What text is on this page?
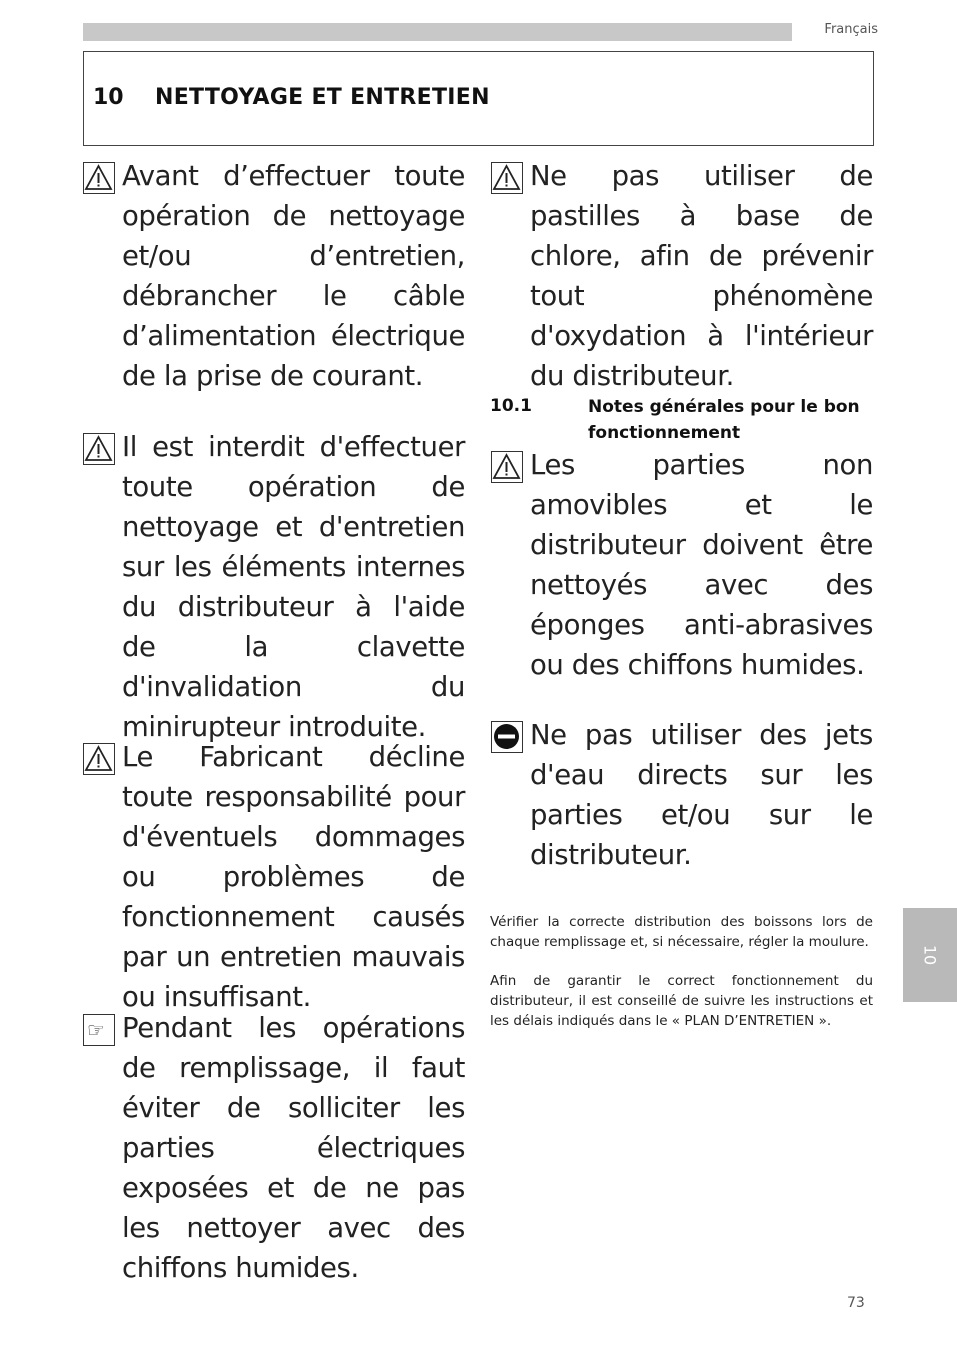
Français
10 NETTOYAGE ET ENTRETIEN
Avant d’effectuer toute opération de nettoyage et/ou d’entretien, débrancher le câble d’alimentation électrique de la prise de courant.
Il est interdit d'effectuer toute opération de nettoyage et d'entretien sur les éléments internes du distributeur à l'aide de la clavette d'invalidation du minirupteur introduite.
Le Fabricant décline toute responsabilité pour d'éventuels dommages ou problèmes de fonctionnement causés par un entretien mauvais ou insuffisant.
☞ Pendant les opérations de remplissage, il faut éviter de solliciter les parties électriques exposées et de ne pas les nettoyer avec des chiffons humides.
Ne pas utiliser de pastilles à base de chlore, afin de prévenir tout phénomène d'oxydation à l'intérieur du distributeur.
10.1	Notes générales pour le bon fonctionnement
Les parties non amovibles et le distributeur doivent être nettoyés avec des éponges anti-abrasives ou des chiffons humides.
Ne pas utiliser des jets d'eau directs sur les parties et/ou sur le distributeur.
Vérifier la correcte distribution des boissons lors de chaque remplissage et, si nécessaire, régler la moulure.
Afin de garantir le correct fonctionnement du distributeur, il est conseillé de suivre les instructions et les délais indiqués dans le « PLAN D’ENTRETIEN ».
10
73
